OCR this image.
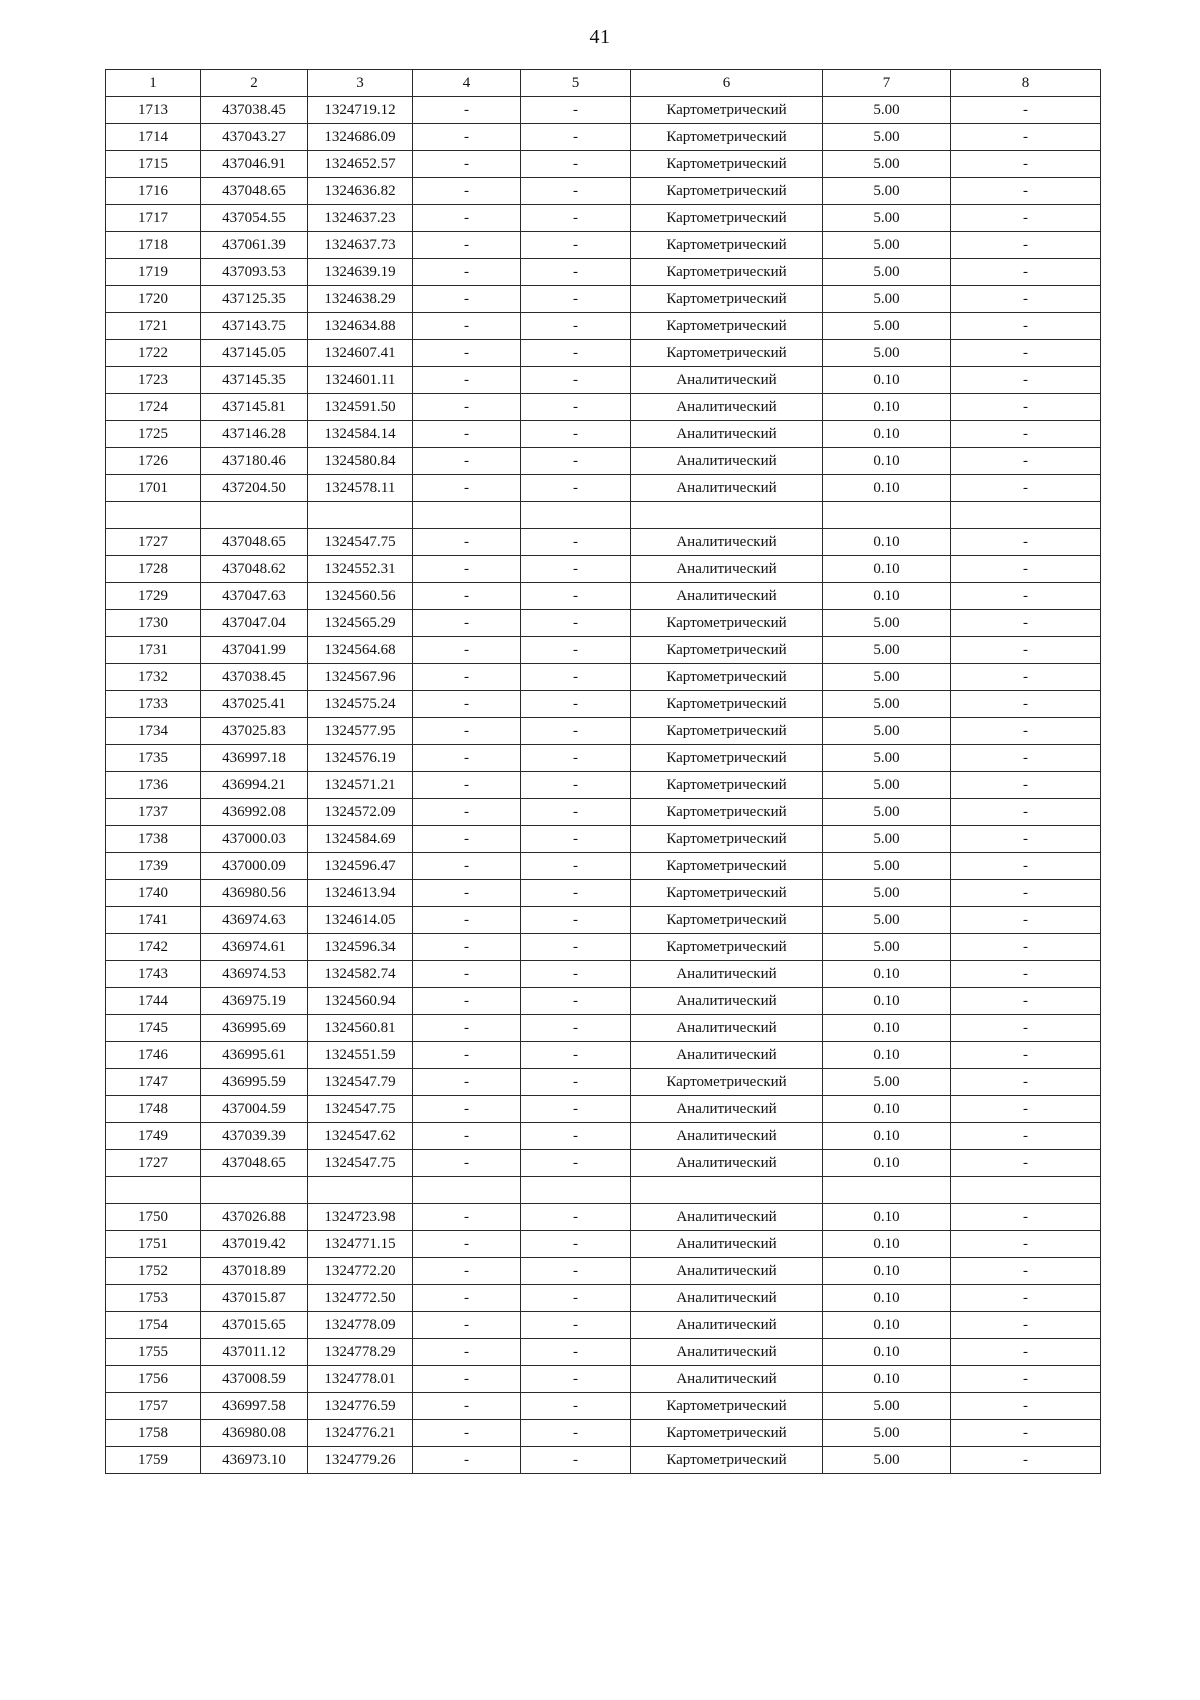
41
1	2	3	4	5	6	7	8
1713	437038.45	1324719.12	-	-	Картометрический	5.00	-
1714	437043.27	1324686.09	-	-	Картометрический	5.00	-
1715	437046.91	1324652.57	-	-	Картометрический	5.00	-
1716	437048.65	1324636.82	-	-	Картометрический	5.00	-
1717	437054.55	1324637.23	-	-	Картометрический	5.00	-
1718	437061.39	1324637.73	-	-	Картометрический	5.00	-
1719	437093.53	1324639.19	-	-	Картометрический	5.00	-
1720	437125.35	1324638.29	-	-	Картометрический	5.00	-
1721	437143.75	1324634.88	-	-	Картометрический	5.00	-
1722	437145.05	1324607.41	-	-	Картометрический	5.00	-
1723	437145.35	1324601.11	-	-	Аналитический	0.10	-
1724	437145.81	1324591.50	-	-	Аналитический	0.10	-
1725	437146.28	1324584.14	-	-	Аналитический	0.10	-
1726	437180.46	1324580.84	-	-	Аналитический	0.10	-
1701	437204.50	1324578.11	-	-	Аналитический	0.10	-

1727	437048.65	1324547.75	-	-	Аналитический	0.10	-
1728	437048.62	1324552.31	-	-	Аналитический	0.10	-
1729	437047.63	1324560.56	-	-	Аналитический	0.10	-
1730	437047.04	1324565.29	-	-	Картометрический	5.00	-
1731	437041.99	1324564.68	-	-	Картометрический	5.00	-
1732	437038.45	1324567.96	-	-	Картометрический	5.00	-
1733	437025.41	1324575.24	-	-	Картометрический	5.00	-
1734	437025.83	1324577.95	-	-	Картометрический	5.00	-
1735	436997.18	1324576.19	-	-	Картометрический	5.00	-
1736	436994.21	1324571.21	-	-	Картометрический	5.00	-
1737	436992.08	1324572.09	-	-	Картометрический	5.00	-
1738	437000.03	1324584.69	-	-	Картометрический	5.00	-
1739	437000.09	1324596.47	-	-	Картометрический	5.00	-
1740	436980.56	1324613.94	-	-	Картометрический	5.00	-
1741	436974.63	1324614.05	-	-	Картометрический	5.00	-
1742	436974.61	1324596.34	-	-	Картометрический	5.00	-
1743	436974.53	1324582.74	-	-	Аналитический	0.10	-
1744	436975.19	1324560.94	-	-	Аналитический	0.10	-
1745	436995.69	1324560.81	-	-	Аналитический	0.10	-
1746	436995.61	1324551.59	-	-	Аналитический	0.10	-
1747	436995.59	1324547.79	-	-	Картометрический	5.00	-
1748	437004.59	1324547.75	-	-	Аналитический	0.10	-
1749	437039.39	1324547.62	-	-	Аналитический	0.10	-
1727	437048.65	1324547.75	-	-	Аналитический	0.10	-

1750	437026.88	1324723.98	-	-	Аналитический	0.10	-
1751	437019.42	1324771.15	-	-	Аналитический	0.10	-
1752	437018.89	1324772.20	-	-	Аналитический	0.10	-
1753	437015.87	1324772.50	-	-	Аналитический	0.10	-
1754	437015.65	1324778.09	-	-	Аналитический	0.10	-
1755	437011.12	1324778.29	-	-	Аналитический	0.10	-
1756	437008.59	1324778.01	-	-	Аналитический	0.10	-
1757	436997.58	1324776.59	-	-	Картометрический	5.00	-
1758	436980.08	1324776.21	-	-	Картометрический	5.00	-
1759	436973.10	1324779.26	-	-	Картометрический	5.00	-
